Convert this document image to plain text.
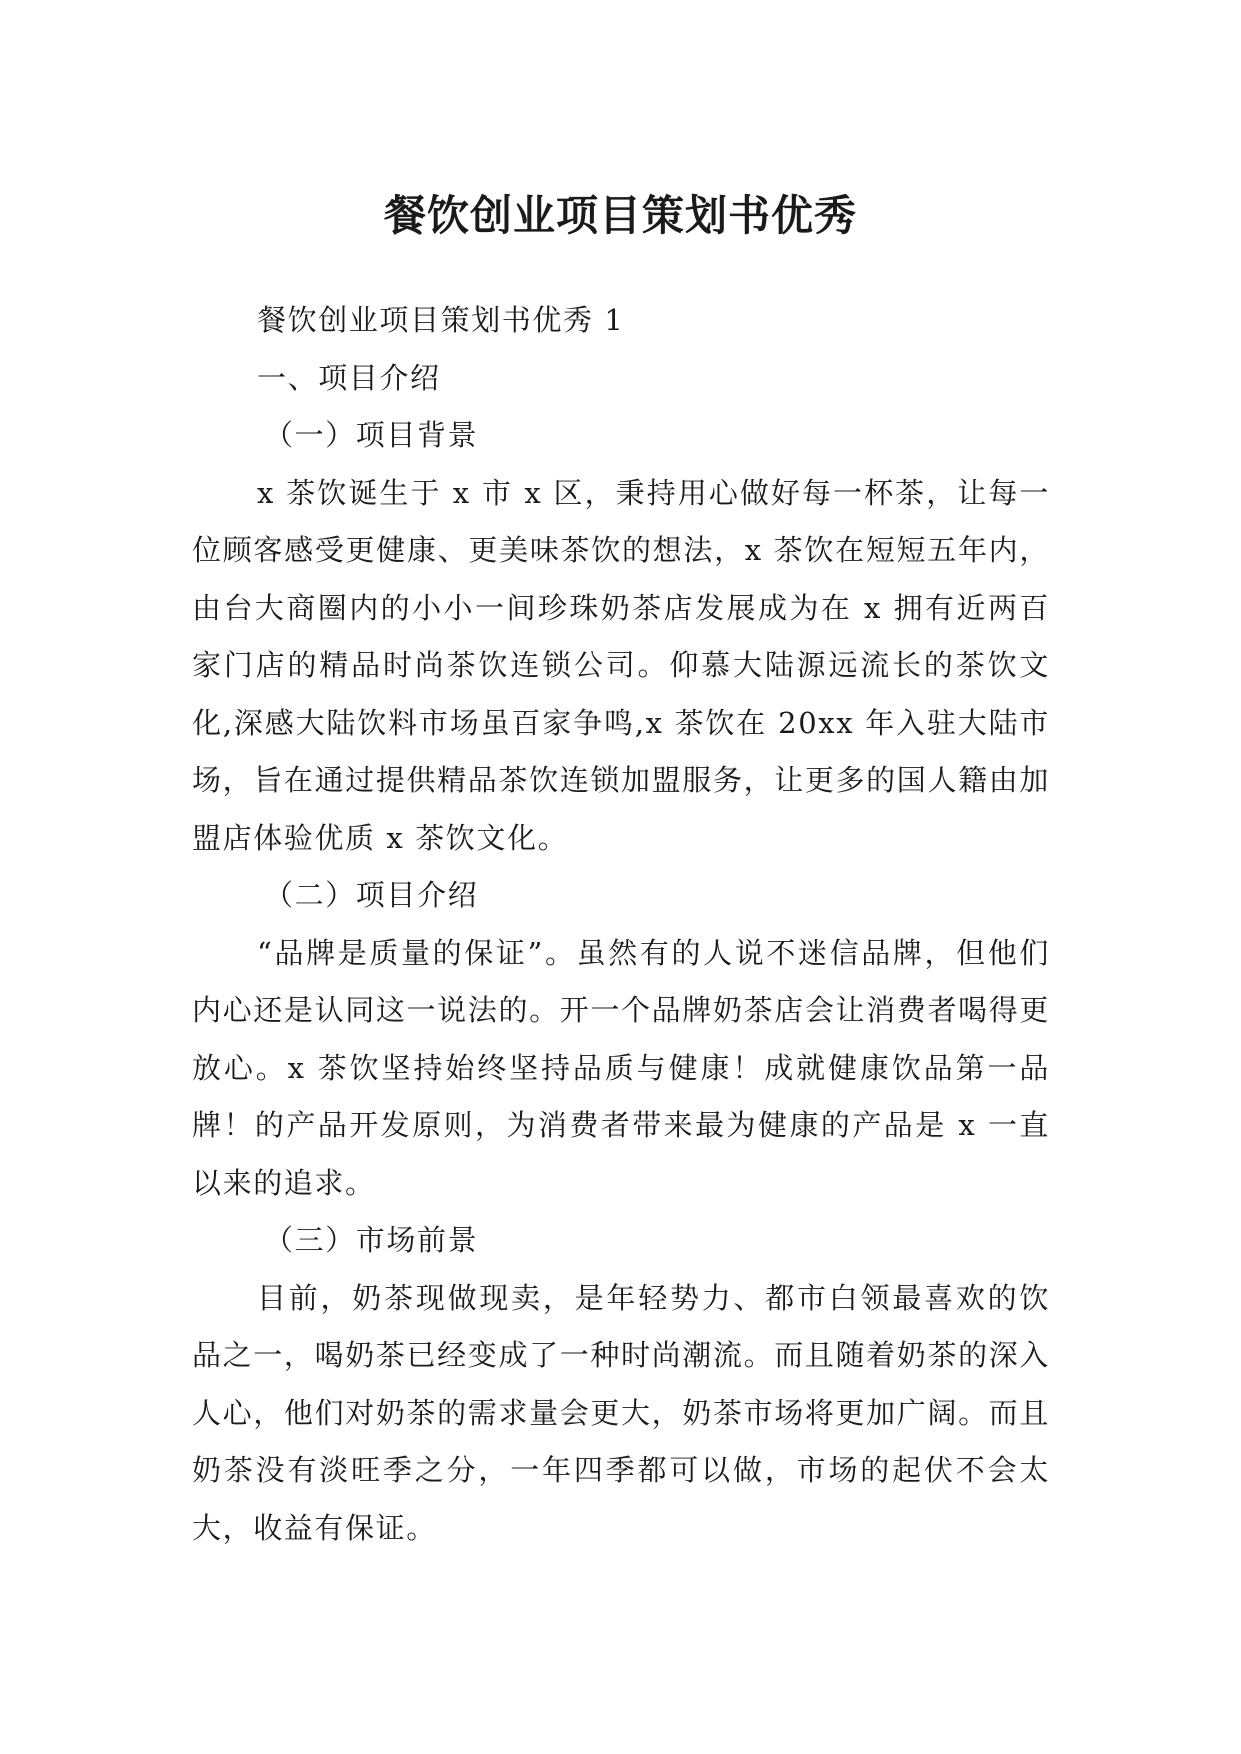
餐饮创业项目策划书优秀

餐饮创业项目策划书优秀 1

一、项目介绍

（一）项目背景

x 茶饮诞生于 x 市 x 区，秉持用心做好每一杯茶，让每一位顾客感受更健康、更美味茶饮的想法，x 茶饮在短短五年内，由台大商圈内的小小一间珍珠奶茶店发展成为在 x 拥有近两百家门店的精品时尚茶饮连锁公司。仰慕大陆源远流长的茶饮文化,深感大陆饮料市场虽百家争鸣,x 茶饮在 20xx 年入驻大陆市场，旨在通过提供精品茶饮连锁加盟服务，让更多的国人籍由加盟店体验优质 x 茶饮文化。

（二）项目介绍

“品牌是质量的保证”。虽然有的人说不迷信品牌，但他们内心还是认同这一说法的。开一个品牌奶茶店会让消费者喝得更放心。x 茶饮坚持始终坚持品质与健康！成就健康饮品第一品牌！的产品开发原则，为消费者带来最为健康的产品是 x 一直以来的追求。

（三）市场前景

目前，奶茶现做现卖，是年轻势力、都市白领最喜欢的饮品之一，喝奶茶已经变成了一种时尚潮流。而且随着奶茶的深入人心，他们对奶茶的需求量会更大，奶茶市场将更加广阔。而且奶茶没有淡旺季之分，一年四季都可以做，市场的起伏不会太大，收益有保证。
